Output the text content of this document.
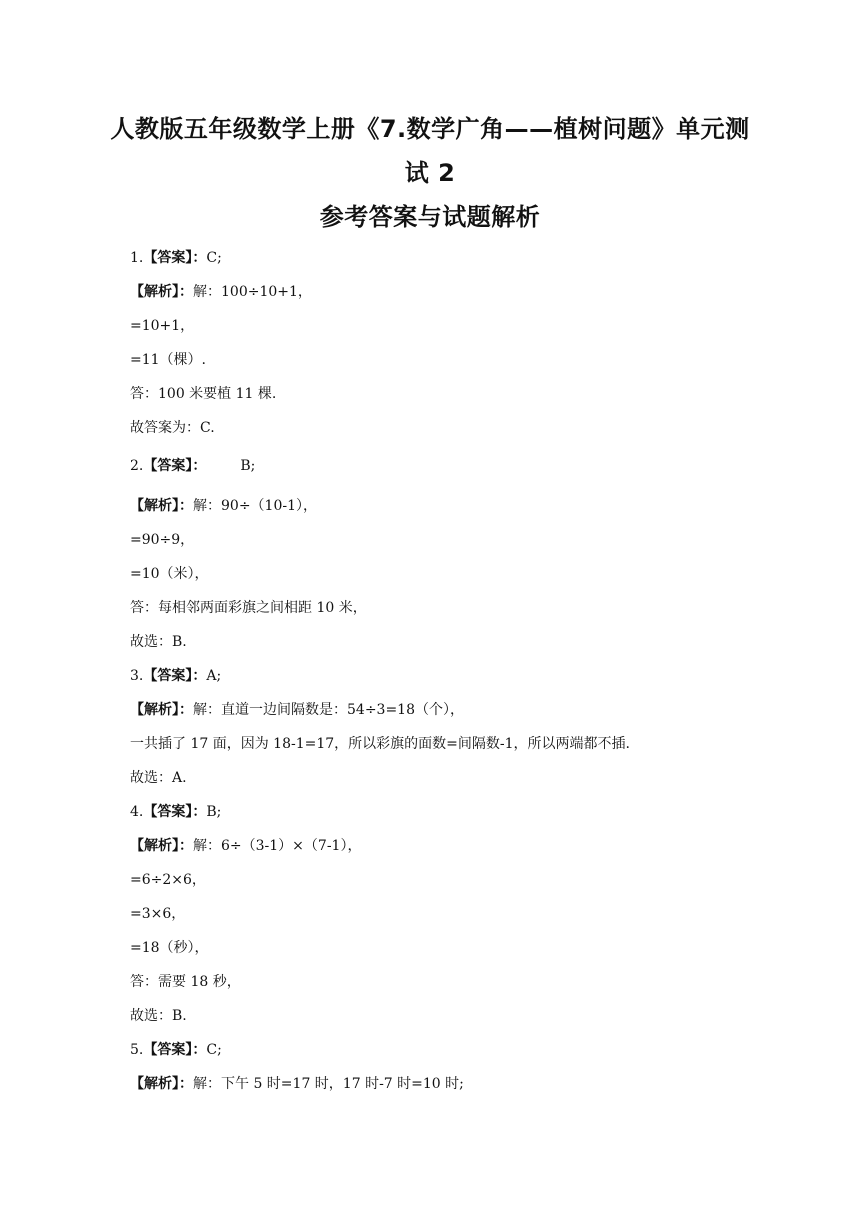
人教版五年级数学上册《7.数学广角——植树问题》单元测
试 2
参考答案与试题解析
1.【答案】：C;
【解析】：解：100÷10+1，
=10+1，
=11（棵）.
答：100 米要植 11 棵.
故答案为：C.
2.【答案】： B;
【解析】：解：90÷（10-1），
=90÷9，
=10（米），
答：每相邻两面彩旗之间相距 10 米，
故选：B.
3.【答案】：A;
【解析】：解：直道一边间隔数是：54÷3=18（个），
一共插了 17 面，因为 18-1=17，所以彩旗的面数=间隔数-1，所以两端都不插.
故选：A.
4.【答案】：B;
【解析】：解：6÷（3-1）×（7-1），
=6÷2×6，
=3×6，
=18（秒），
答：需要 18 秒，
故选：B.
5.【答案】：C;
【解析】：解：下午 5 时=17 时，17 时-7 时=10 时;
